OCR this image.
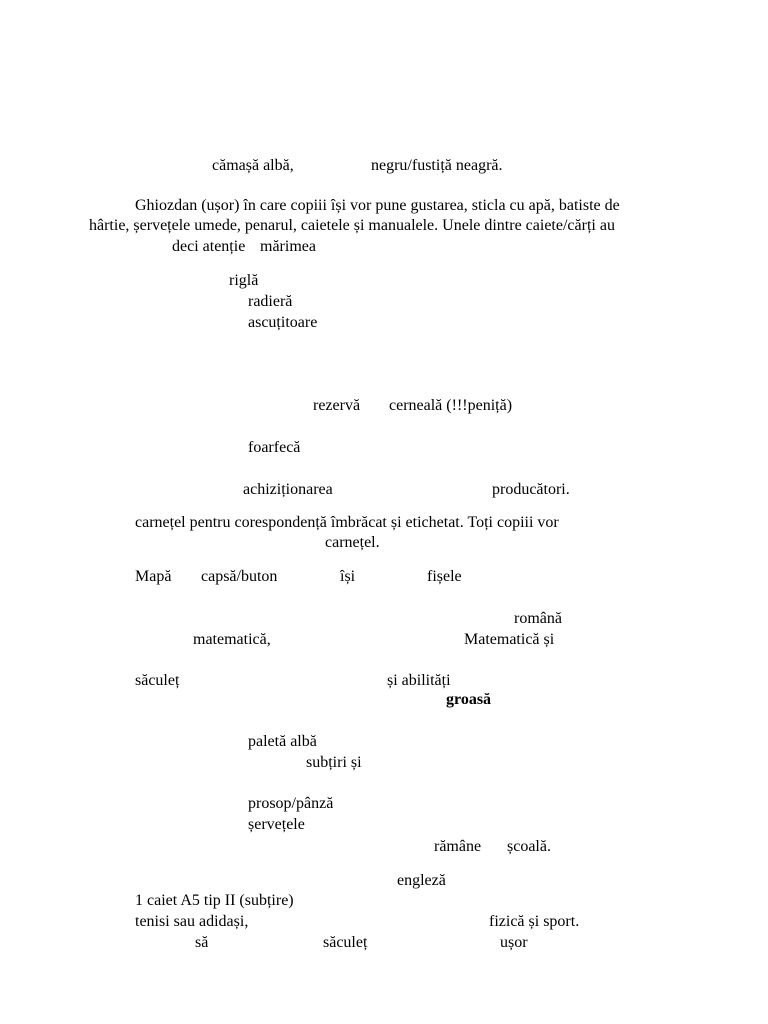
cămașă albă,	negru/fustiță neagră.
Ghiozdan (ușor) în care copiii își vor pune gustarea, sticla cu apă, batiste de
hârtie, șervețele umede, penarul, caietele și manualele. Unele dintre caiete/cărți au
deci atenție mărimea
riglă
radieră
ascuțitoare
rezervă cerneală (!!!peniță)
foarfecă
achiziționarea	producători.
carnețel pentru corespondență îmbrăcat și etichetat. Toți copiii vor
carnețel.
Mapă capsă/buton	își	fișele
română
matematică,	Matematică și
săculeț	și abilități
groasă
paletă albă
subțiri și
prosop/pânză
șervețele
rămâne școală.
engleză
1 caiet A5 tip II (subțire)
tenisi sau adidași,	fizică și sport.
să	săculeț	ușor
